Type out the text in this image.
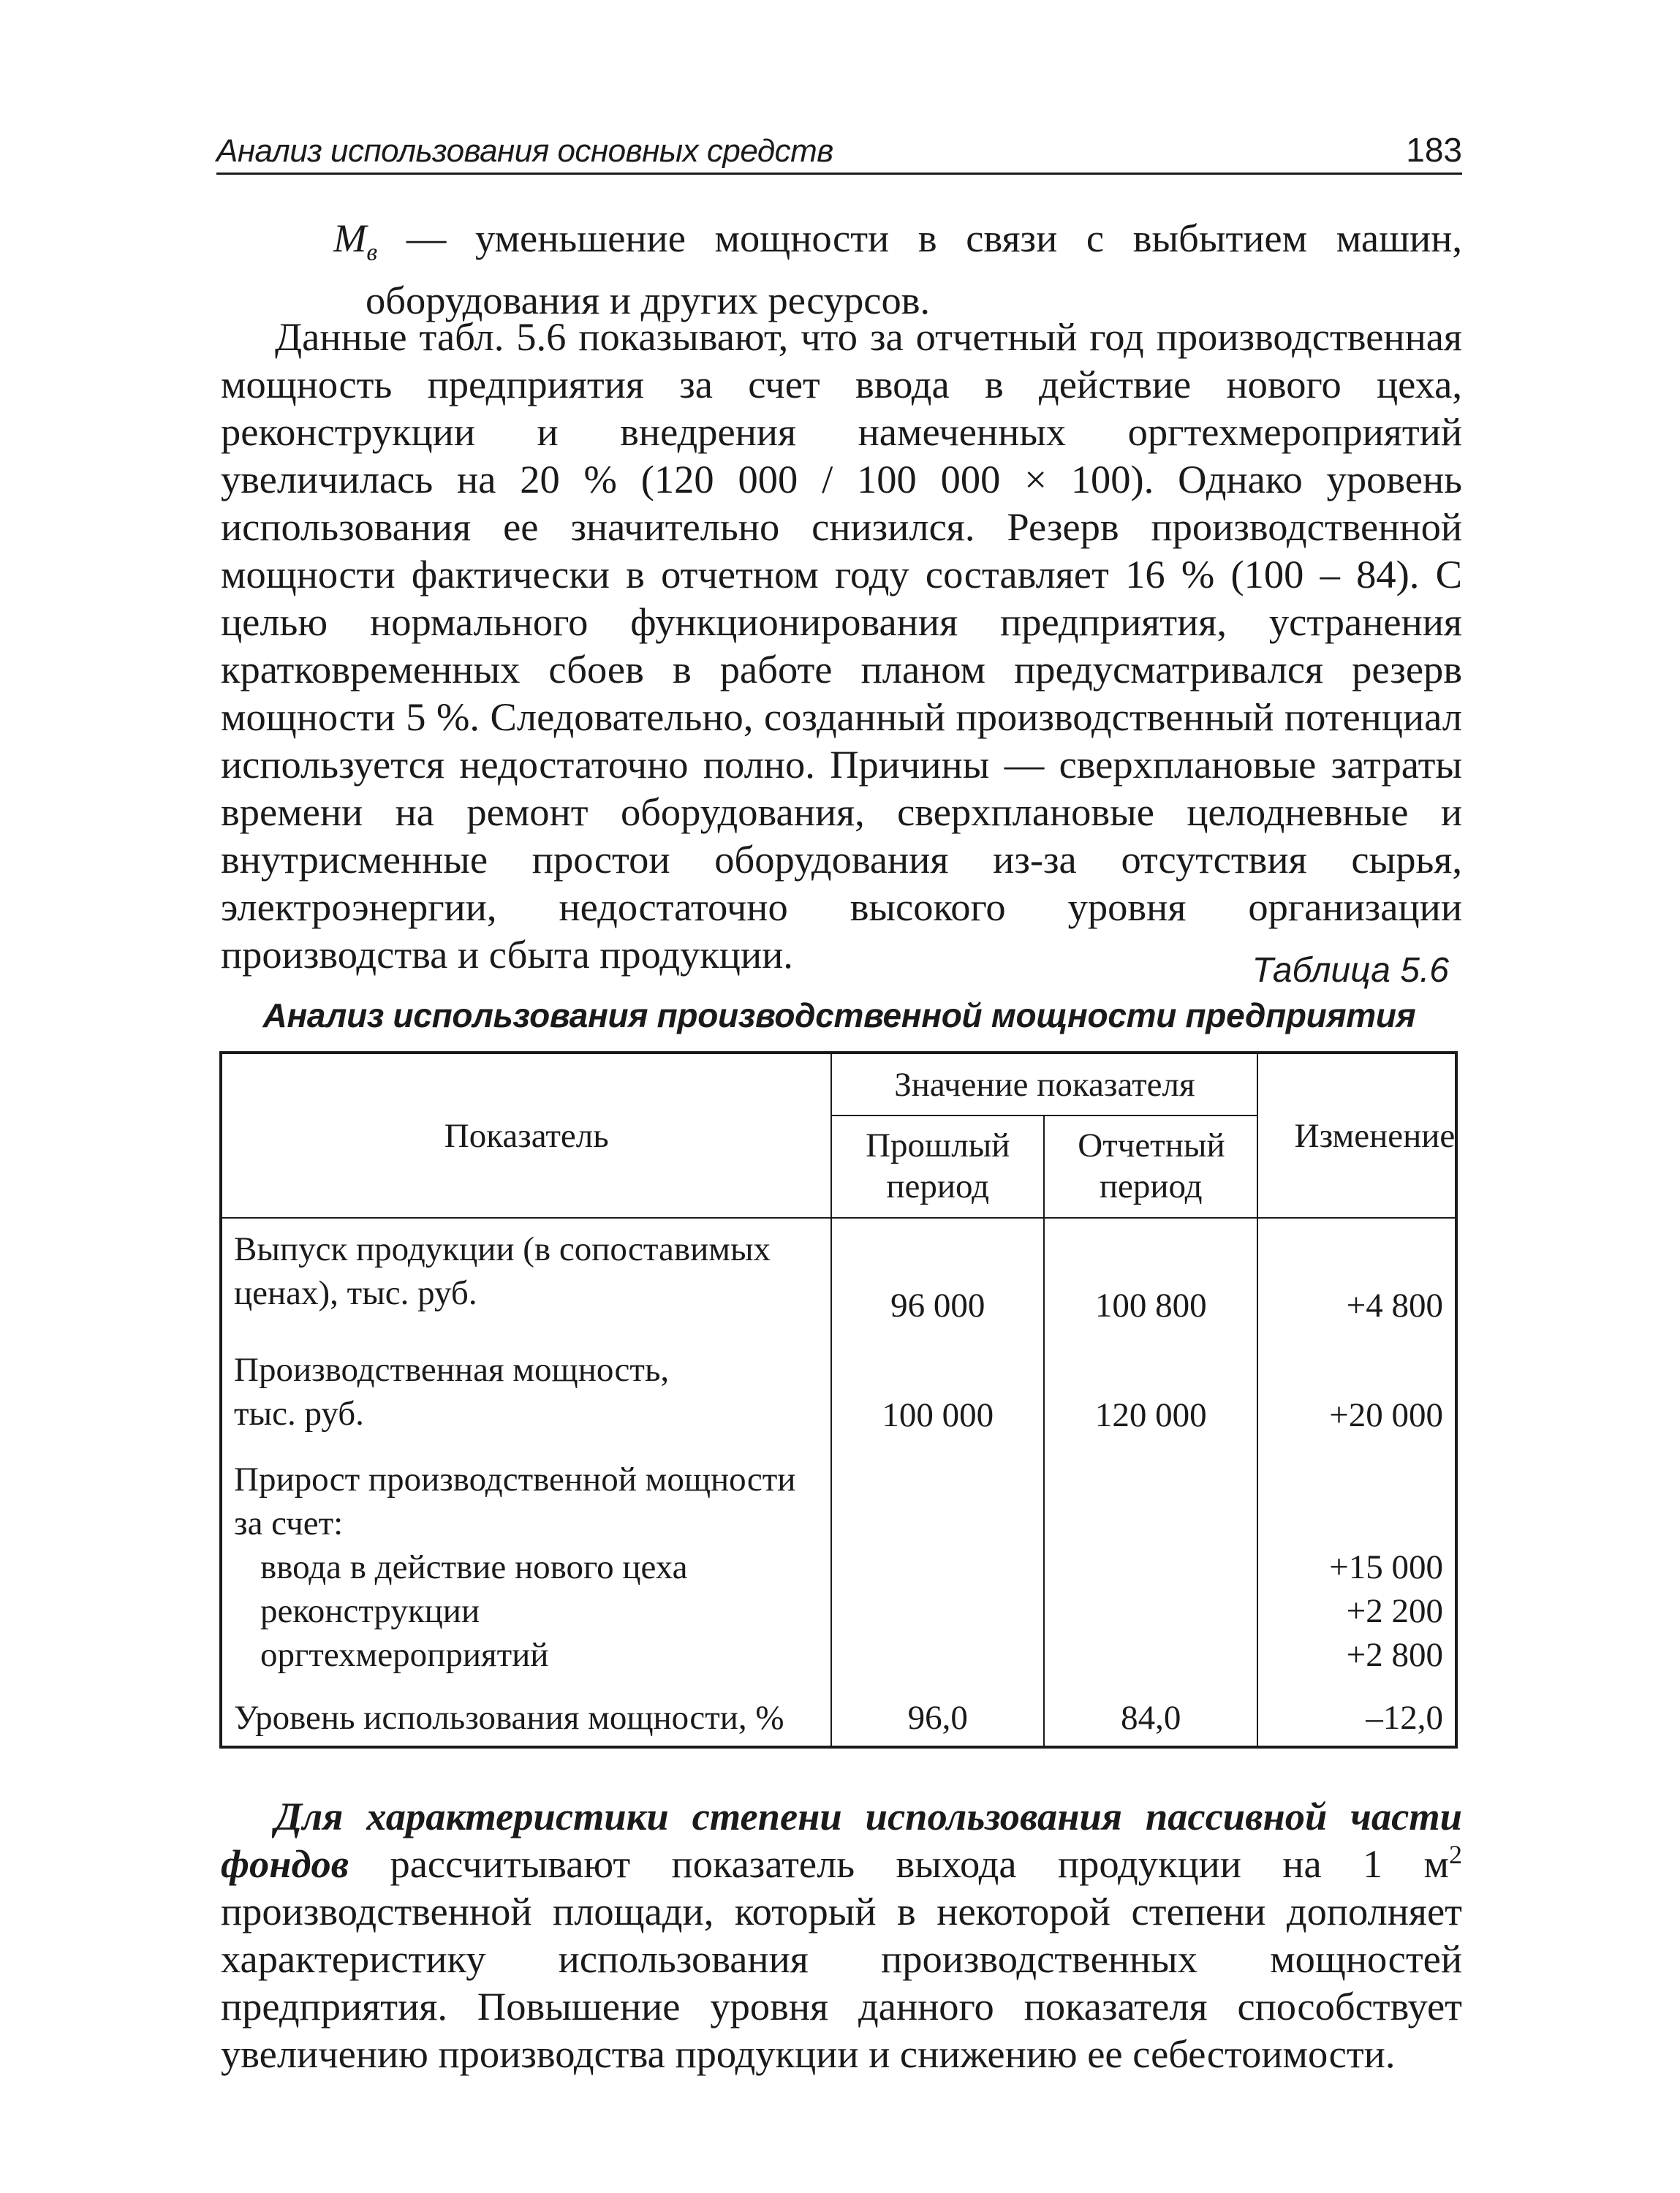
Анализ использования основных средств	183

$М_в$ — уменьшение мощности в связи с выбытием машин, оборудования и других ресурсов.

Данные табл. 5.6 показывают, что за отчетный год производственная мощность предприятия за счет ввода в действие нового цеха, реконструкции и внедрения намеченных оргтехмероприятий увеличилась на 20 % (120 000 / 100 000 × 100). Однако уровень использования ее значительно снизился. Резерв производственной мощности фактически в отчетном году составляет 16 % (100 – 84). С целью нормального функционирования предприятия, устранения кратковременных сбоев в работе планом предусматривался резерв мощности 5 %. Следовательно, созданный производственный потенциал используется недостаточно полно. Причины — сверхплановые затраты времени на ремонт оборудования, сверхплановые целодневные и внутрисменные простои оборудования из-за отсутствия сырья, электроэнергии, недостаточно высокого уровня организации производства и сбыта продукции.	Таблица 5.6
Анализ использования производственной мощности предприятия
Показатель	Значение показателя		Изменение
	Прошлый период	Отчетный период	
Выпуск продукции (в сопоставимых ценах), тыс. руб.	96 000	100 800	+4 800
Производственная мощность, тыс. руб.	100 000	120 000	+20 000
Прирост производственной мощности за счет:			

ввода в действие нового цеха			+15 000

реконструкции			+2 200

оргтехмероприятий			+2 800
Уровень использования мощности, %	96,0	84,0	–12,0

Для характеристики степени использования пассивной части фондов рассчитывают показатель выхода продукции на 1 $м^2$ производственной площади, который в некоторой степени дополняет характеристику использования производственных мощностей предприятия. Повышение уровня данного показателя способствует увеличению производства продукции и снижению ее себестоимости.
